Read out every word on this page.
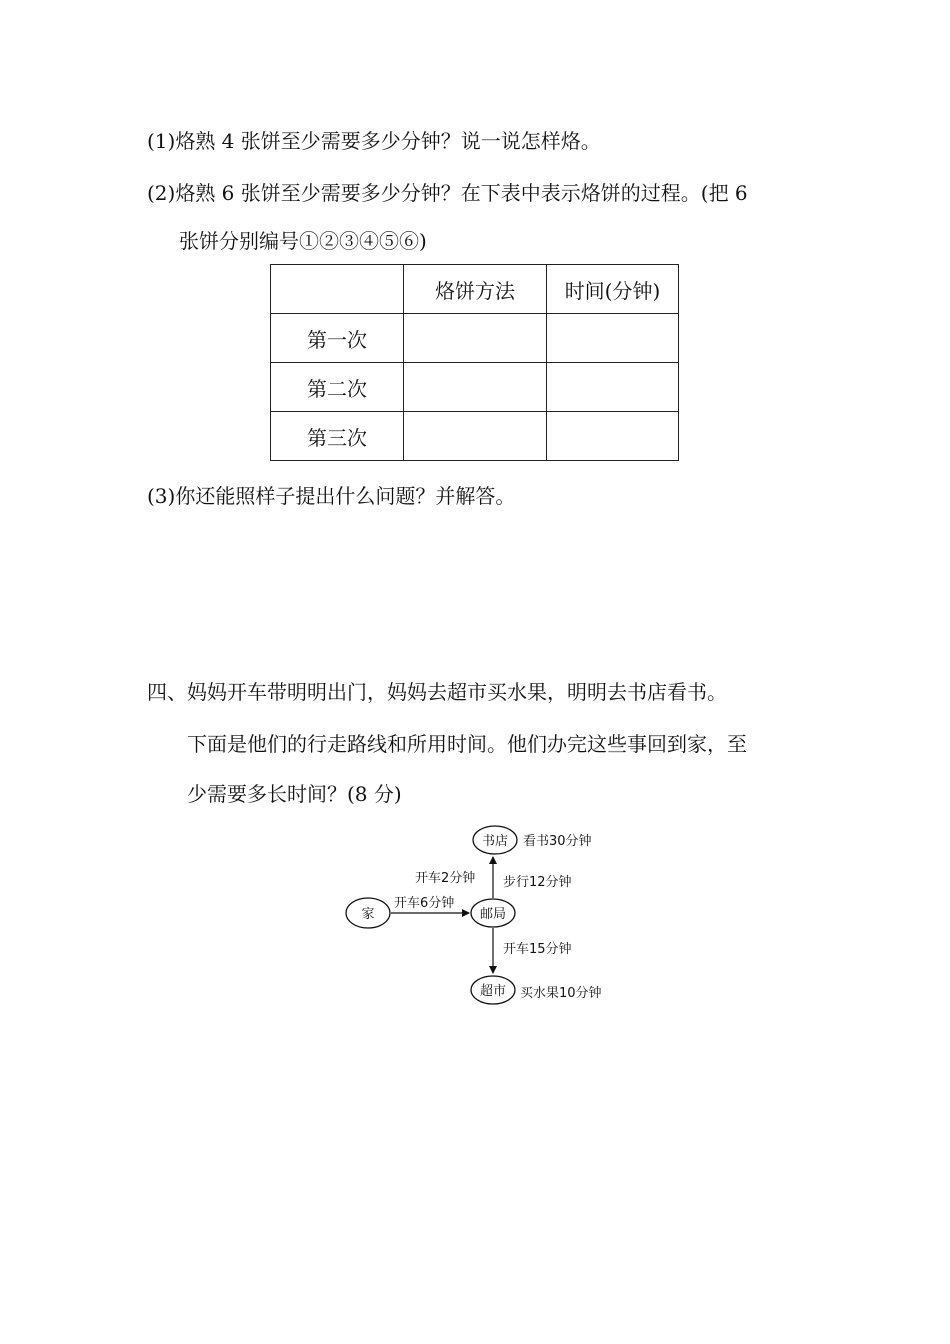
(1)烙熟 4 张饼至少需要多少分钟？说一说怎样烙。
(2)烙熟 6 张饼至少需要多少分钟？在下表中表示烙饼的过程。(把 6
张饼分别编号①②③④⑤⑥)
	烙饼方法	时间(分钟)
第一次		
第二次		
第三次		
(3)你还能照样子提出什么问题？并解答。
四、妈妈开车带明明出门，妈妈去超市买水果，明明去书店看书。
下面是他们的行走路线和所用时间。他们办完这些事回到家，至
少需要多长时间？(8 分)
书店 看书30分钟
家	邮局
超市 买水果10分钟
开车6分钟
开车2分钟 步行12分钟
开车15分钟
